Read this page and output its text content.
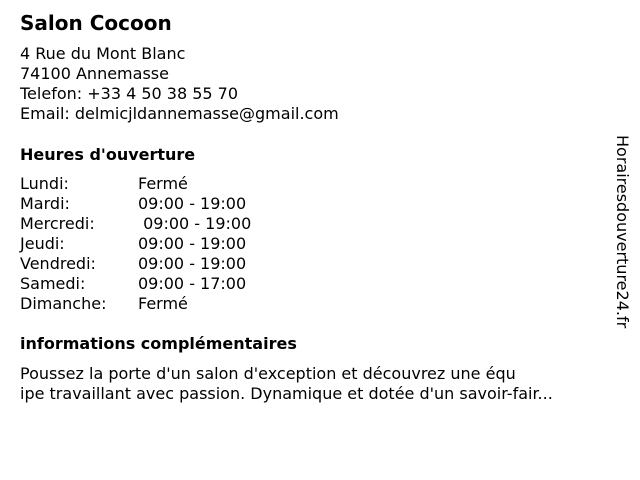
Salon Cocoon
4 Rue du Mont Blanc
74100 Annemasse
Telefon: +33 4 50 38 55 70
Email: delmicjldannemasse@gmail.com
Heures d'ouverture
Lundi:	Fermé
Mardi:	09:00 - 19:00
Mercredi:	09:00 - 19:00
Jeudi:	09:00 - 19:00
Vendredi:	09:00 - 19:00
Samedi:	09:00 - 17:00
Dimanche: Fermé
informations complémentaires
Poussez la porte d'un salon d'exception et découvrez une équ
ipe travaillant avec passion. Dynamique et dotée d'un savoir-fair...
Horairesdouverture24.fr
